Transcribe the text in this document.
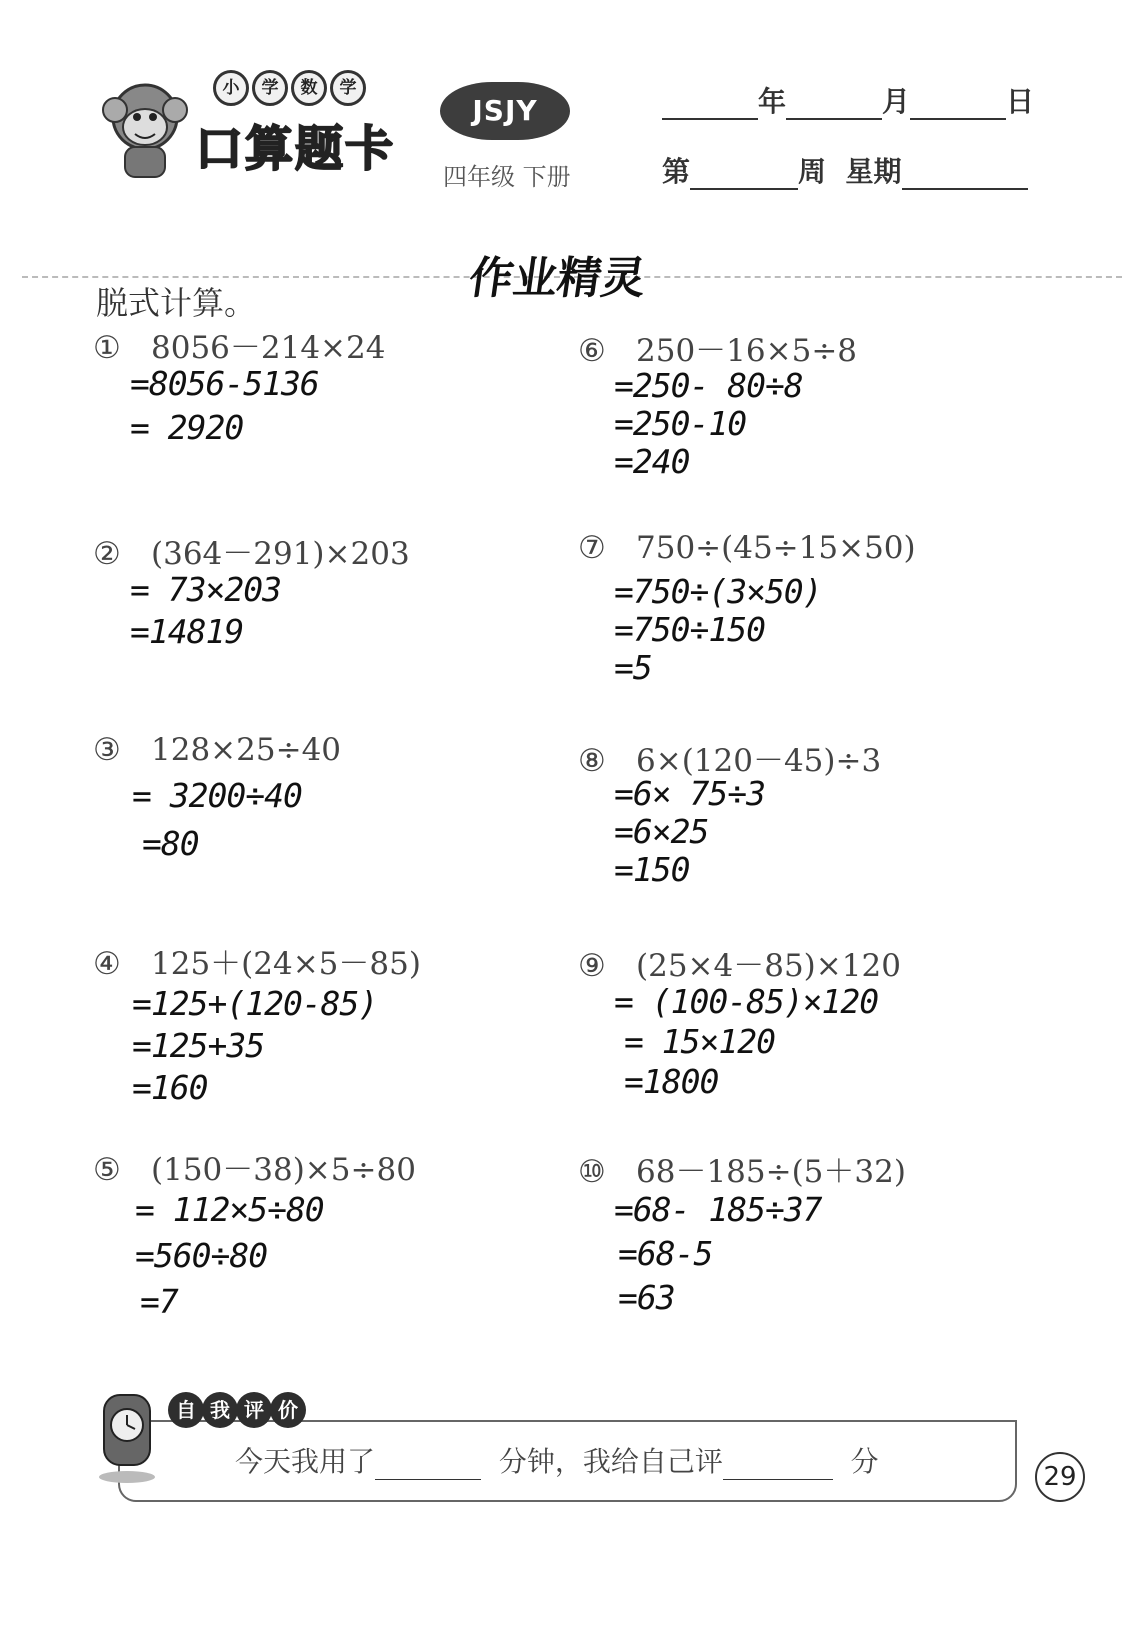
小	学	数	学
口算题卡
JSJY
四年级 下册
年	月	日
第	周 星期
作业精灵
脱式计算。
① 8056－214×24
=8056-5136
= 2920
② (364－291)×203
= 73×203
=14819
③ 128×25÷40
= 3200÷40
=80
④ 125＋(24×5－85)
=125+(120-85)
=125+35
=160
⑤ (150－38)×5÷80
= 112×5÷80
=560÷80
=7
⑥ 250－16×5÷8
=250- 80÷8
=250-10
=240
⑦ 750÷(45÷15×50)
=750÷(3×50)
=750÷150
=5
⑧ 6×(120－45)÷3
=6× 75÷3
=6×25
=150
⑨ (25×4－85)×120
= (100-85)×120
= 15×120
=1800
⑩ 68－185÷(5＋32)
=68- 185÷37
=68-5
=63
自 我 评 价
今天我用了	分钟，我给自己评	分	29
